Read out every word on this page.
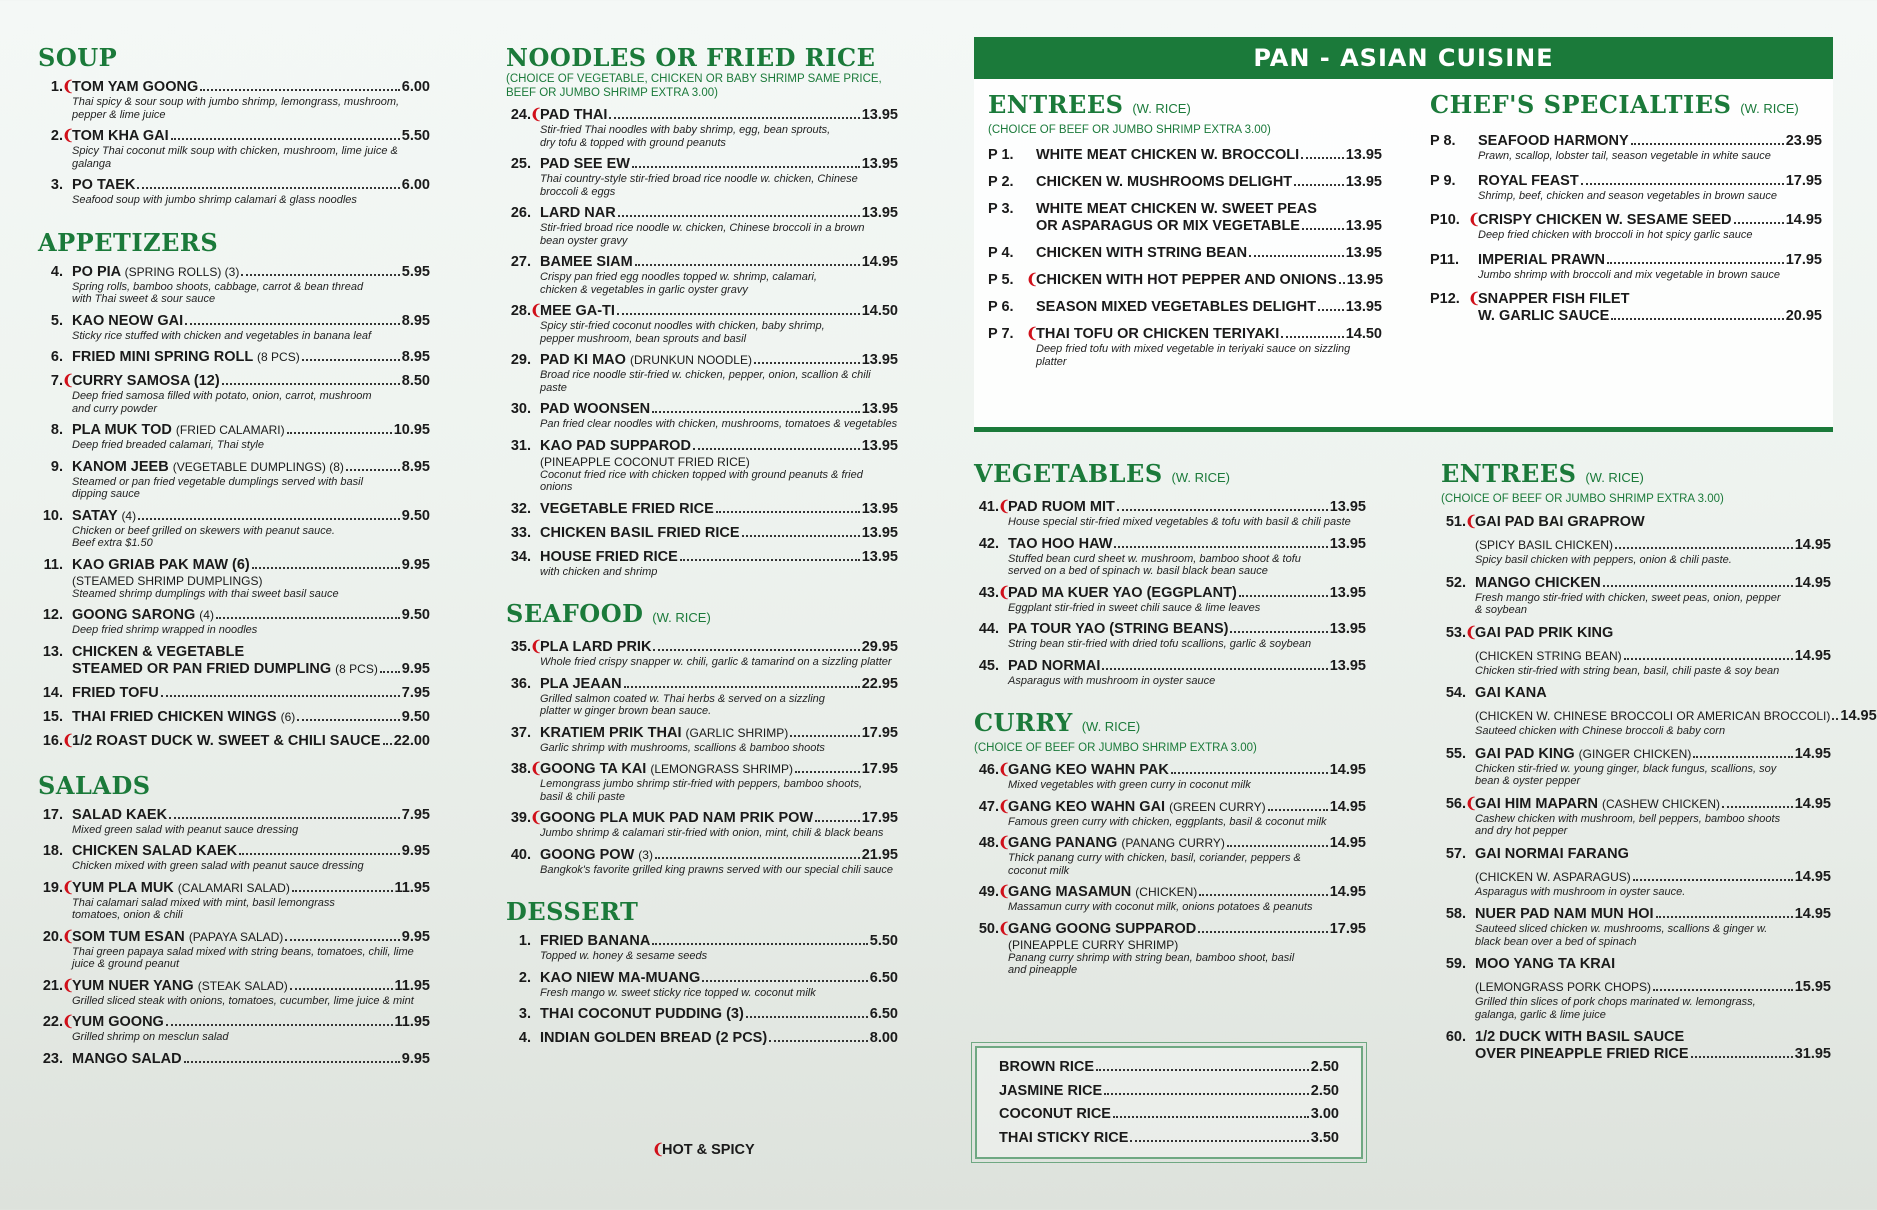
SOUP
1. ❨TOM YAM GOONG	6.00
Thai spicy & sour soup with jumbo shrimp, lemongrass, mushroom,
pepper & lime juice
2. ❨TOM KHA GAI	5.50
Spicy Thai coconut milk soup with chicken, mushroom, lime juice & galanga
3. PO TAEK	6.00
Seafood soup with jumbo shrimp calamari & glass noodles
APPETIZERS
4. PO PIA (SPRING ROLLS) (3)	5.95
Spring rolls, bamboo shoots, cabbage, carrot & bean thread
with Thai sweet & sour sauce
5. KAO NEOW GAI	8.95
Sticky rice stuffed with chicken and vegetables in banana leaf
6. FRIED MINI SPRING ROLL (8 PCS)	8.95
7. ❨CURRY SAMOSA (12)	8.50
Deep fried samosa filled with potato, onion, carrot, mushroom
and curry powder
8. PLA MUK TOD (FRIED CALAMARI)	10.95
Deep fried breaded calamari, Thai style
9. KANOM JEEB (VEGETABLE DUMPLINGS) (8)	8.95
Steamed or pan fried vegetable dumplings served with basil
dipping sauce
10. SATAY (4)	9.50
Chicken or beef grilled on skewers with peanut sauce.
Beef extra $1.50
11. KAO GRIAB PAK MAW (6)	9.95
(STEAMED SHRIMP DUMPLINGS)
Steamed shrimp dumplings with thai sweet basil sauce
12. GOONG SARONG (4)	9.50
Deep fried shrimp wrapped in noodles
13. CHICKEN & VEGETABLE
STEAMED OR PAN FRIED DUMPLING (8 PCS) 9.95
14. FRIED TOFU	7.95
15. THAI FRIED CHICKEN WINGS (6)	9.50
16. ❨1/2 ROAST DUCK W. SWEET & CHILI SAUCE 22.00
SALADS
17. SALAD KAEK	7.95
Mixed green salad with peanut sauce dressing
18. CHICKEN SALAD KAEK	9.95
Chicken mixed with green salad with peanut sauce dressing
19. ❨YUM PLA MUK (CALAMARI SALAD)	11.95
Thai calamari salad mixed with mint, basil lemongrass
tomatoes, onion & chili
20. ❨SOM TUM ESAN (PAPAYA SALAD)	9.95
Thai green papaya salad mixed with string beans, tomatoes, chili, lime
juice & ground peanut
21. ❨YUM NUER YANG (STEAK SALAD)	11.95
Grilled sliced steak with onions, tomatoes, cucumber, lime juice & mint
22. ❨YUM GOONG	11.95
Grilled shrimp on mesclun salad
23. MANGO SALAD	9.95
NOODLES OR FRIED RICE
(CHOICE OF VEGETABLE, CHICKEN OR BABY SHRIMP SAME PRICE,
BEEF OR JUMBO SHRIMP EXTRA 3.00)
24. ❨PAD THAI	13.95
Stir-fried Thai noodles with baby shrimp, egg, bean sprouts,
dry tofu & topped with ground peanuts
25. PAD SEE EW	13.95
Thai country-style stir-fried broad rice noodle w. chicken, Chinese
broccoli & eggs
26. LARD NAR	13.95
Stir-fried broad rice noodle w. chicken, Chinese broccoli in a brown
bean oyster gravy
27. BAMEE SIAM	14.95
Crispy pan fried egg noodles topped w. shrimp, calamari,
chicken & vegetables in garlic oyster gravy
28. ❨MEE GA-TI	14.50
Spicy stir-fried coconut noodles with chicken, baby shrimp,
pepper mushroom, bean sprouts and basil
29. PAD KI MAO (DRUNKUN NOODLE)	13.95
Broad rice noodle stir-fried w. chicken, pepper, onion, scallion & chili paste
30. PAD WOONSEN	13.95
Pan fried clear noodles with chicken, mushrooms, tomatoes & vegetables
31. KAO PAD SUPPAROD	13.95
(PINEAPPLE COCONUT FRIED RICE)
Coconut fried rice with chicken topped with ground peanuts & fried onions
32. VEGETABLE FRIED RICE	13.95
33. CHICKEN BASIL FRIED RICE	13.95
34. HOUSE FRIED RICE	13.95
with chicken and shrimp
SEAFOOD (W. RICE)
35. ❨PLA LARD PRIK	29.95
Whole fried crispy snapper w. chili, garlic & tamarind on a sizzling platter
36. PLA JEAAN	22.95
Grilled salmon coated w. Thai herbs & served on a sizzling
platter w ginger brown bean sauce.
37. KRATIEM PRIK THAI (GARLIC SHRIMP)	17.95
Garlic shrimp with mushrooms, scallions & bamboo shoots
38. ❨GOONG TA KAI (LEMONGRASS SHRIMP)	17.95
Lemongrass jumbo shrimp stir-fried with peppers, bamboo shoots,
basil & chili paste
39. ❨GOONG PLA MUK PAD NAM PRIK POW	17.95
Jumbo shrimp & calamari stir-fried with onion, mint, chili & black beans
40. GOONG POW (3)	21.95
Bangkok's favorite grilled king prawns served with our special chili sauce
DESSERT
1. FRIED BANANA	5.50
Topped w. honey & sesame seeds
2. KAO NIEW MA-MUANG	6.50
Fresh mango w. sweet sticky rice topped w. coconut milk
3. THAI COCONUT PUDDING (3)	6.50
4. INDIAN GOLDEN BREAD (2 PCS)	8.00
PAN - ASIAN CUISINE
ENTREES (W. RICE)
(CHOICE OF BEEF OR JUMBO SHRIMP EXTRA 3.00)
P 1.	WHITE MEAT CHICKEN W. BROCCOLI	13.95
P 2.	CHICKEN W. MUSHROOMS DELIGHT	13.95
P 3.	WHITE MEAT CHICKEN W. SWEET PEAS
OR ASPARAGUS OR MIX VEGETABLE	13.95
P 4.	CHICKEN WITH STRING BEAN	13.95
P 5. ❨CHICKEN WITH HOT PEPPER AND ONIONS 13.95
P 6.	SEASON MIXED VEGETABLES DELIGHT 13.95
P 7. ❨THAI TOFU OR CHICKEN TERIYAKI	14.50
Deep fried tofu with mixed vegetable in teriyaki sauce on sizzling platter
CHEF'S SPECIALTIES (W. RICE)
P 8.	SEAFOOD HARMONY	23.95
Prawn, scallop, lobster tail, season vegetable in white sauce
P 9.	ROYAL FEAST	17.95
Shrimp, beef, chicken and season vegetables in brown sauce
P10. ❨CRISPY CHICKEN W. SESAME SEED	14.95
Deep fried chicken with broccoli in hot spicy garlic sauce
P11.	IMPERIAL PRAWN	17.95
Jumbo shrimp with broccoli and mix vegetable in brown sauce
P12. ❨SNAPPER FISH FILET
W. GARLIC SAUCE	20.95
VEGETABLES (W. RICE)
41. ❨PAD RUOM MIT	13.95
House special stir-fried mixed vegetables & tofu with basil & chili paste
42. TAO HOO HAW	13.95
Stuffed bean curd sheet w. mushroom, bamboo shoot & tofu
served on a bed of spinach w. basil black bean sauce
43. ❨PAD MA KUER YAO (EGGPLANT)	13.95
Eggplant stir-fried in sweet chili sauce & lime leaves
44. PA TOUR YAO (STRING BEANS)	13.95
String bean stir-fried with dried tofu scallions, garlic & soybean
45. PAD NORMAI	13.95
Asparagus with mushroom in oyster sauce
CURRY (W. RICE)
(CHOICE OF BEEF OR JUMBO SHRIMP EXTRA 3.00)
46. ❨GANG KEO WAHN PAK	14.95
Mixed vegetables with green curry in coconut milk
47. ❨GANG KEO WAHN GAI (GREEN CURRY)	14.95
Famous green curry with chicken, eggplants, basil & coconut milk
48. ❨GANG PANANG (PANANG CURRY)	14.95
Thick panang curry with chicken, basil, coriander, peppers &
coconut milk
49. ❨GANG MASAMUN (CHICKEN)	14.95
Massamun curry with coconut milk, onions potatoes & peanuts
50. ❨GANG GOONG SUPPAROD	17.95
(PINEAPPLE CURRY SHRIMP)
Panang curry shrimp with string bean, bamboo shoot, basil
and pineapple
ENTREES (W. RICE)
(CHOICE OF BEEF OR JUMBO SHRIMP EXTRA 3.00)
51. ❨GAI PAD BAI GRAPROW
(SPICY BASIL CHICKEN)	14.95
Spicy basil chicken with peppers, onion & chili paste.
52. MANGO CHICKEN	14.95
Fresh mango stir-fried with chicken, sweet peas, onion, pepper
& soybean
53. ❨GAI PAD PRIK KING
(CHICKEN STRING BEAN)	14.95
Chicken stir-fried with string bean, basil, chili paste & soy bean
54. GAI KANA
(CHICKEN W. CHINESE BROCCOLI OR AMERICAN BROCCOLI) 14.95
Sauteed chicken with Chinese broccoli & baby corn
55. GAI PAD KING (GINGER CHICKEN)	14.95
Chicken stir-fried w. young ginger, black fungus, scallions, soy
bean & oyster pepper
56. ❨GAI HIM MAPARN (CASHEW CHICKEN)	14.95
Cashew chicken with mushroom, bell peppers, bamboo shoots
and dry hot pepper
57. GAI NORMAI FARANG
(CHICKEN W. ASPARAGUS)	14.95
Asparagus with mushroom in oyster sauce.
58. NUER PAD NAM MUN HOI	14.95
Sauteed sliced chicken w. mushrooms, scallions & ginger w.
black bean over a bed of spinach
59. MOO YANG TA KRAI
(LEMONGRASS PORK CHOPS)	15.95
Grilled thin slices of pork chops marinated w. lemongrass,
galanga, garlic & lime juice
60. 1/2 DUCK WITH BASIL SAUCE
OVER PINEAPPLE FRIED RICE	31.95
BROWN RICE	2.50
JASMINE RICE	2.50
COCONUT RICE	3.00
THAI STICKY RICE	3.50
❨HOT & SPICY
